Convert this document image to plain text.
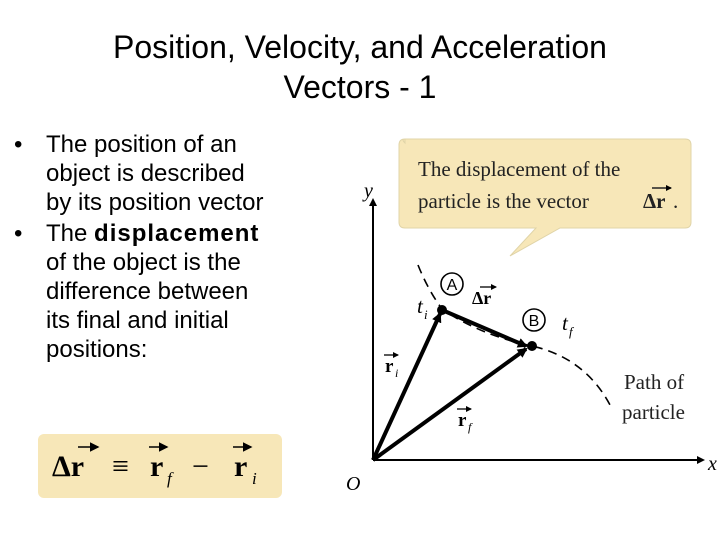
Position, Velocity, and Acceleration
Vectors - 1
• The position of an
object is described
by its position vector
• The displacement
of the object is the
difference between
its final and initial
positions:
Δr ≡ r f − r i
The displacement of the
particle is the vector	Δr .
y
x
O
A
B
t i	t f
Δr
r i
r f
Path of
particle
